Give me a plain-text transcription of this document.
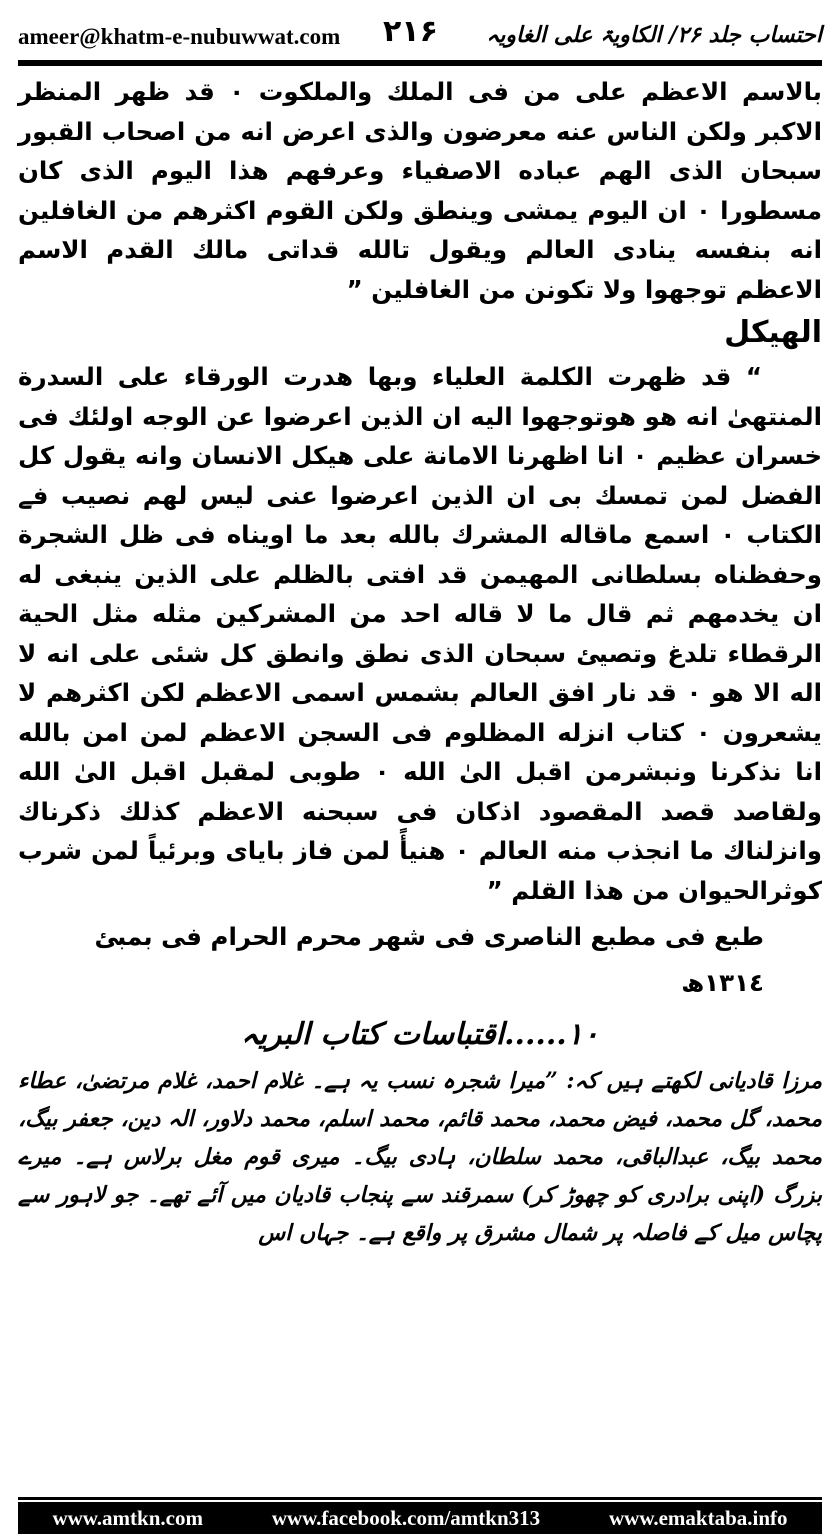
ameer@khatm-e-nubuwwat.com ۲۱۶ احتساب جلد ۲۶/ الکاویۃ علی الغاویہ

بالاسم الاعظم على من فى الملك والملكوت ۰ قد ظهر المنظر الاكبر ولكن الناس عنه معرضون والذى اعرض انه من اصحاب القبور سبحان الذى الهم عباده الاصفياء وعرفهم هذا اليوم الذى كان مسطورا ۰ ان اليوم يمشى وينطق ولكن القوم اكثرهم من الغافلين انه بنفسه ينادى العالم ويقول تالله قداتى مالك القدم الاسم الاعظم توجهوا ولا تكونن من الغافلين ”

الهيكل

“ قد ظهرت الكلمة العلياء وبها هدرت الورقاء على السدرة المنتهىٰ انه هو هوتوجهوا اليه ان الذين اعرضوا عن الوجه اولئك فى خسران عظيم ۰ انا اظهرنا الامانة على هيكل الانسان وانه يقول كل الفضل لمن تمسك بى ان الذين اعرضوا عنى ليس لهم نصيب فے الكتاب ۰ اسمع ماقاله المشرك بالله بعد ما اويناه فى ظل الشجرة وحفظناه بسلطانى المهيمن قد افتى بالظلم على الذين ينبغى له ان يخدمهم ثم قال ما لا قاله احد من المشركين مثله مثل الحية الرقطاء تلدغ وتصيئ سبحان الذى نطق وانطق كل شئى على انه لا اله الا هو ۰ قد نار افق العالم بشمس اسمى الاعظم لكن اكثرهم لا يشعرون ۰ كتاب انزله المظلوم فى السجن الاعظم لمن امن بالله انا نذكرنا ونبشرمن اقبل الىٰ الله ۰ طوبى لمقبل اقبل الىٰ الله ولقاصد قصد المقصود اذكان فى سبحنه الاعظم كذلك ذكرناك وانزلناك ما انجذب منه العالم ۰ هنيأً لمن فاز باياى وبرئياً لمن شرب كوثرالحيوان من هذا القلم ”

طبع فى مطبع الناصرى فى شهر محرم الحرام فى بمبئ ١٣١٤ھ

۱۰......اقتباسات کتاب البریہ

مرزا قادیانی لکھتے ہیں کہ: ”میرا شجرہ نسب یہ ہے۔ غلام احمد، غلام مرتضیٰ، عطاء محمد، گل محمد، فیض محمد، محمد قائم، محمد اسلم، محمد دلاور، الہ دین، جعفر بیگ، محمد بیگ، عبدالباقی، محمد سلطان، ہادی بیگ۔ میری قوم مغل برلاس ہے۔ میرے بزرگ (اپنی برادری کو چھوڑ کر) سمرقند سے پنجاب قادیان میں آئے تھے۔ جو لاہور سے پچاس میل کے فاصلہ پر شمال مشرق پر واقع ہے۔ جہاں اس

www.amtkn.com	www.facebook.com/amtkn313	www.emaktaba.info
